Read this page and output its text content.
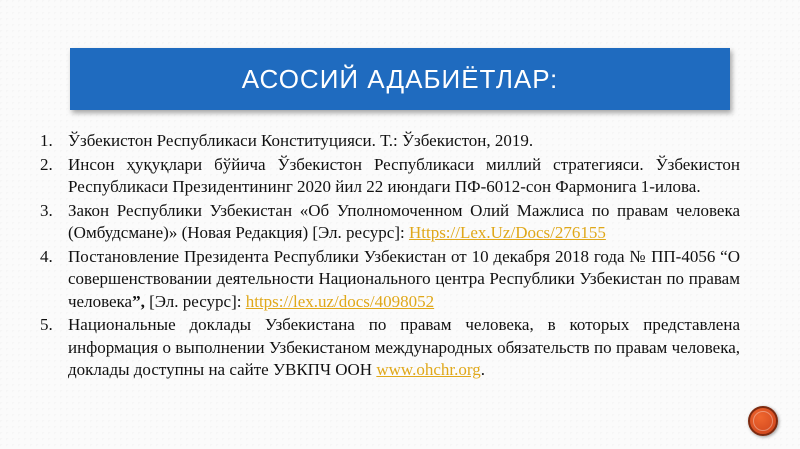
АСОСИЙ АДАБИЁТЛАР:
1. Ўзбекистон Республикаси Конституцияси. Т.: Ўзбекистон, 2019.
2. Инсон ҳуқуқлари бўйича Ўзбекистон Республикаси миллий стратегияси. Ўзбекистон Республикаси Президентининг 2020 йил 22 июндаги ПФ-6012-сон Фармонига 1-илова.
3. Закон Республики Узбекистан «Об Уполномоченном Олий Мажлиса по правам человека (Омбудсмане)» (Новая Редакция) [Эл. ресурс]: Https://Lex.Uz/Docs/276155
4. Постановление Президента Республики Узбекистан от 10 декабря 2018 года № ПП-4056 “О совершенствовании деятельности Национального центра Республики Узбекистан по правам человека”, [Эл. ресурс]: https://lex.uz/docs/4098052
5. Национальные доклады Узбекистана по правам человека, в которых представлена информация о выполнении Узбекистаном международных обязательств по правам человека, доклады доступны на сайте УВКПЧ ООН www.ohchr.org.
